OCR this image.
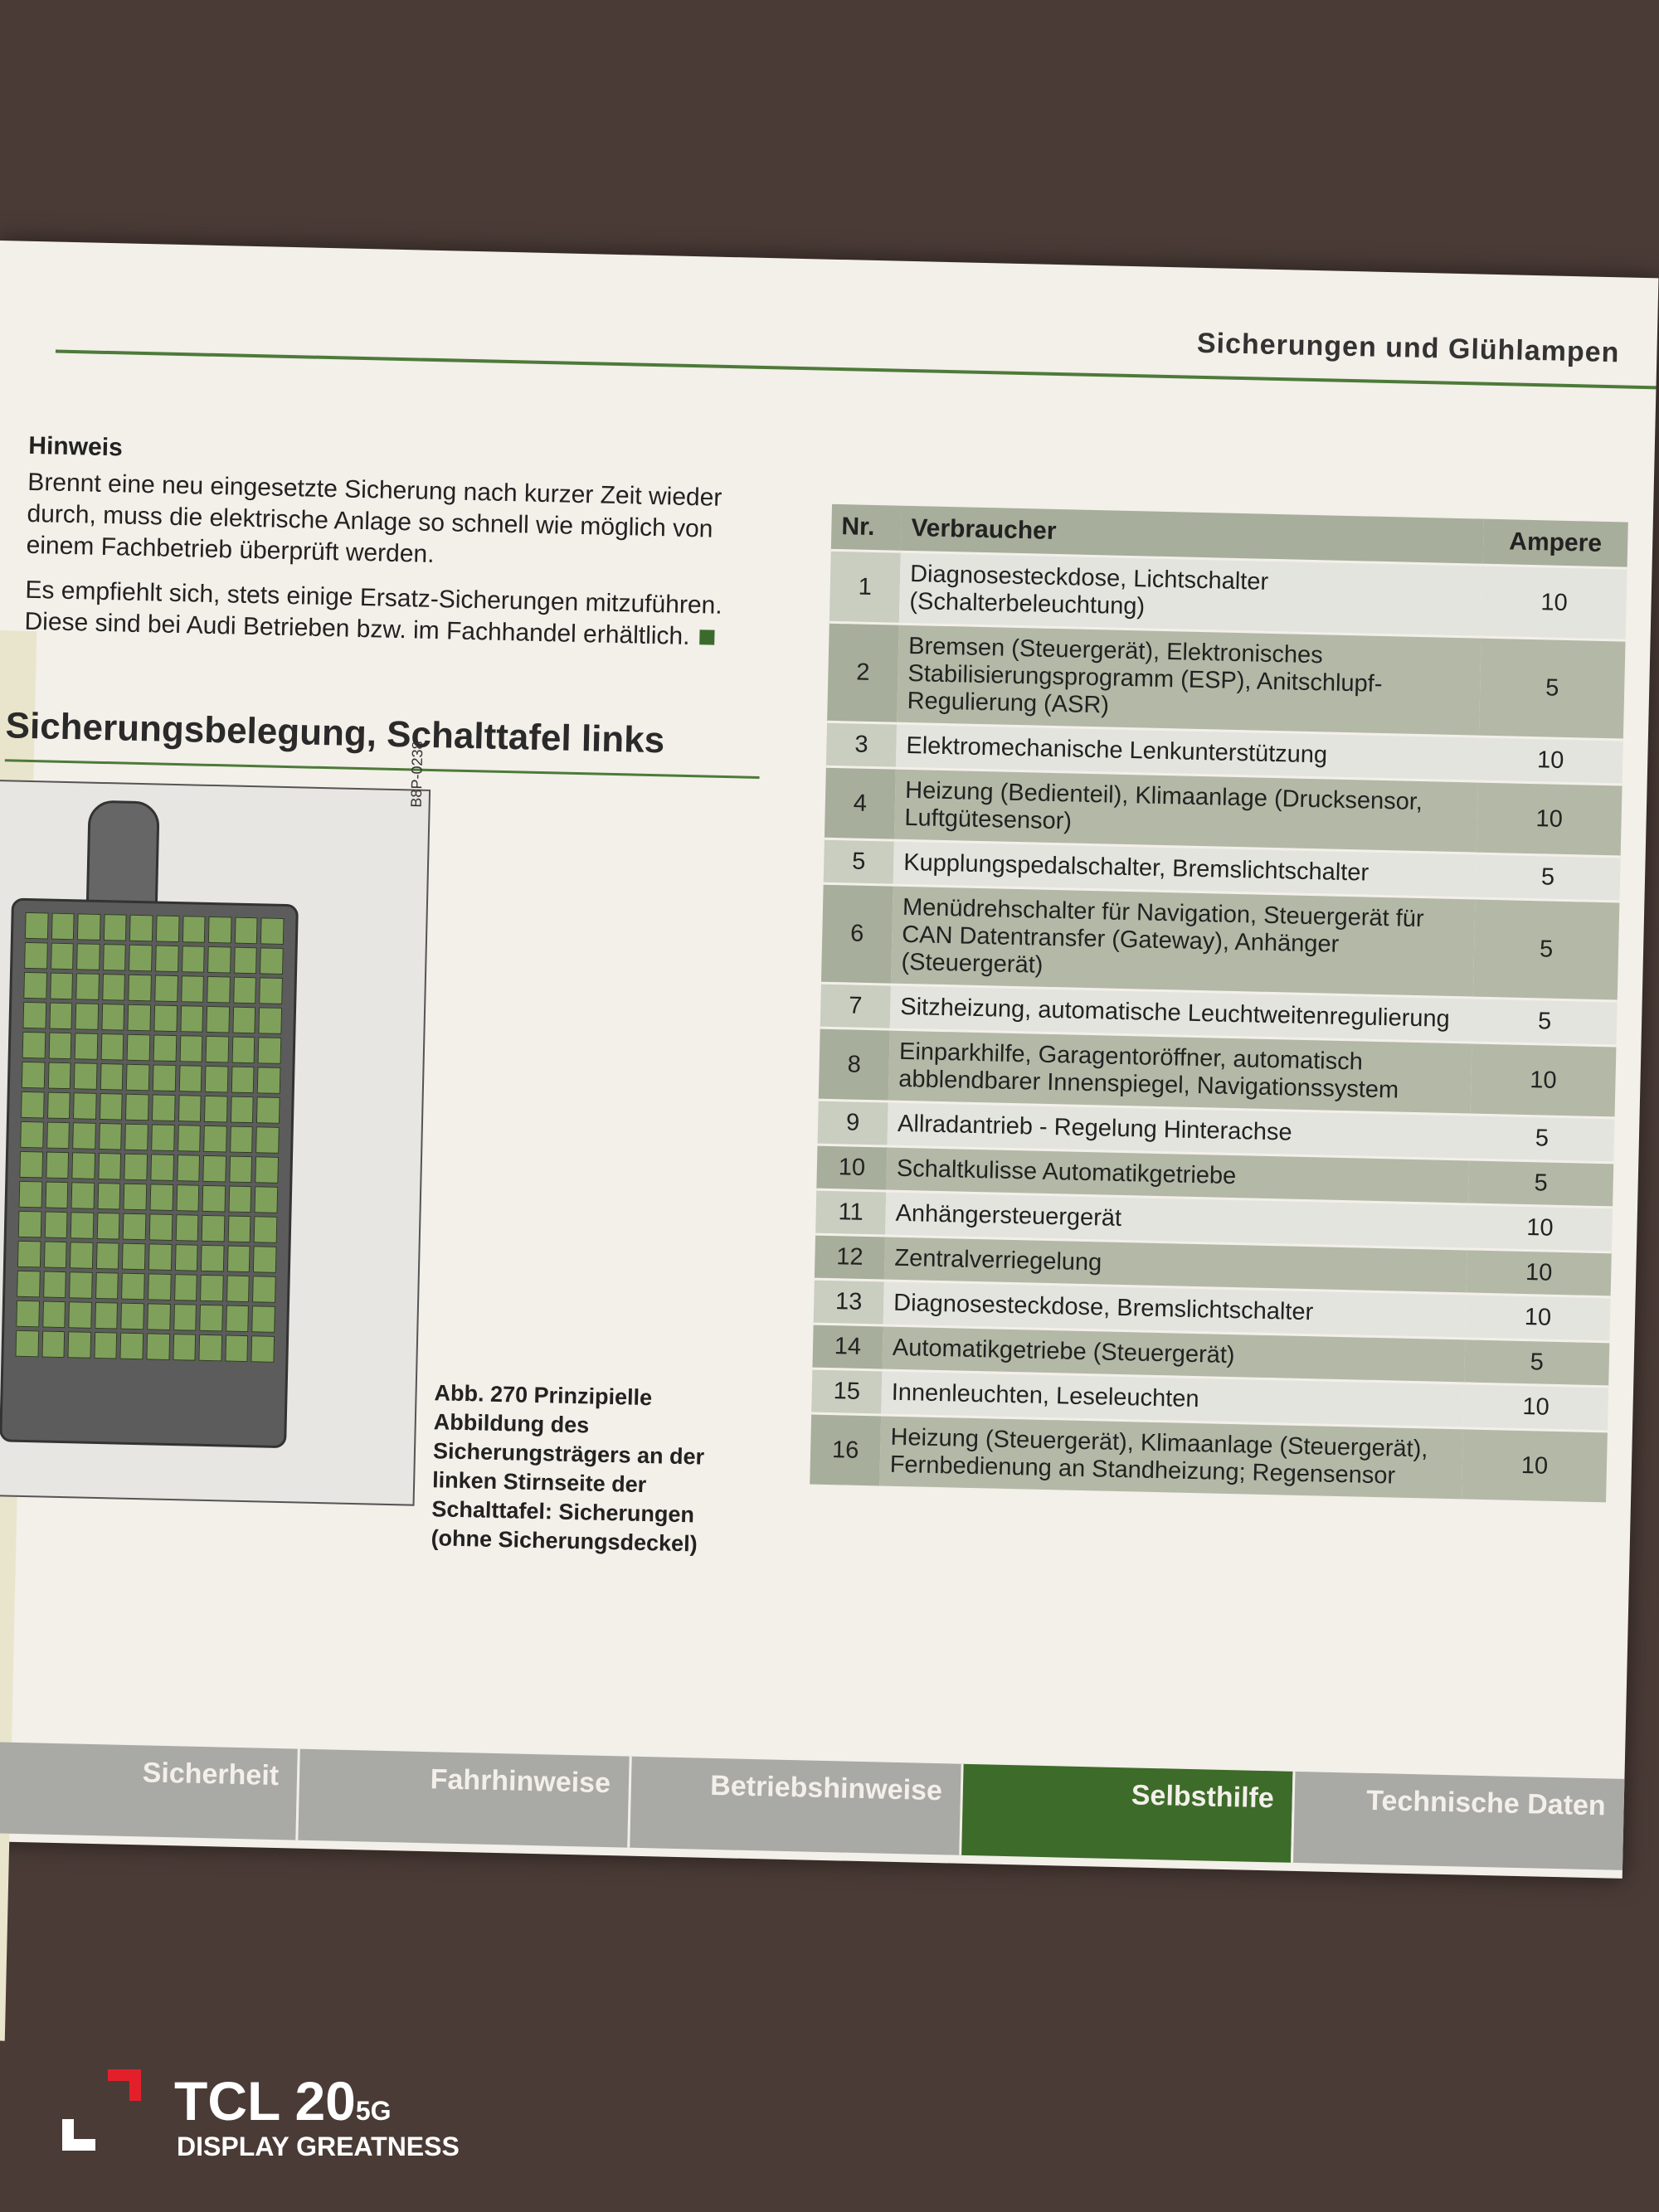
Sicherungen und Glühlampen
Hinweis

Brennt eine neu eingesetzte Sicherung nach kurzer Zeit wieder durch, muss die elektrische Anlage so schnell wie möglich von einem Fachbetrieb überprüft werden.

Es empfiehlt sich, stets einige Ersatz-Sicherungen mitzuführen. Diese sind bei Audi Betrieben bzw. im Fachhandel erhältlich.

Sicherungsbelegung, Schalttafel links
B8P-0238
Abb. 270 Prinzipielle Abbildung des Sicherungsträgers an der linken Stirnseite der Schalttafel: Sicherungen (ohne Sicherungsdeckel)
Nr.	Verbraucher	Ampere
1	Diagnosesteckdose, Lichtschalter (Schalterbeleuchtung)	10
2	Bremsen (Steuergerät), Elektronisches Stabilisierungsprogramm (ESP), Anitschlupf-Regulierung (ASR)	5
3	Elektromechanische Lenkunterstützung	10
4	Heizung (Bedienteil), Klimaanlage (Drucksensor, Luftgütesensor)	10
5	Kupplungspedalschalter, Bremslichtschalter	5
6	Menüdrehschalter für Navigation, Steuergerät für CAN Datentransfer (Gateway), Anhänger (Steuergerät)	5
7	Sitzheizung, automatische Leuchtweitenregulierung	5
8	Einparkhilfe, Garagentoröffner, automatisch abblendbarer Innenspiegel, Navigationssystem	10
9	Allradantrieb - Regelung Hinterachse	5
10	Schaltkulisse Automatikgetriebe	5
11	Anhängersteuergerät	10
12	Zentralverriegelung	10
13	Diagnosesteckdose, Bremslichtschalter	10
14	Automatikgetriebe (Steuergerät)	5
15	Innenleuchten, Leseleuchten	10
16	Heizung (Steuergerät), Klimaanlage (Steuergerät), Fernbedienung an Standheizung; Regensensor	10
Sicherheit	Fahrhinweise	Betriebshinweise	Selbsthilfe	Technische Daten
TCL 205G
DISPLAY GREATNESS
